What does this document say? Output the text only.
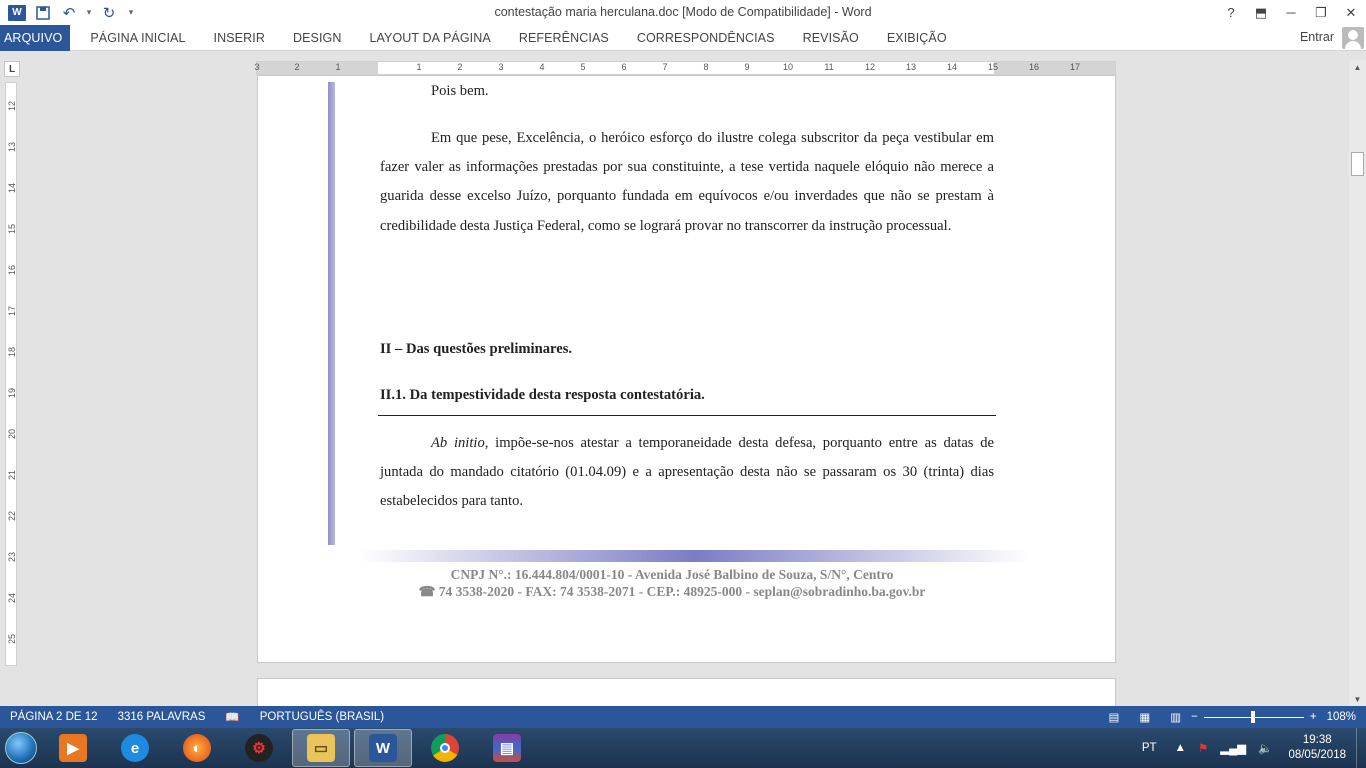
W	↶	▾ ↻	▾	contestação maria herculana.doc [Modo de Compatibilidade] - Word	?	⬒	─	❐	✕
ARQUIVO	PÁGINA INICIAL	INSERIR	DESIGN	LAYOUT DA PÁGINA	REFERÊNCIAS	CORRESPONDÊNCIAS	REVISÃO	EXIBIÇÃO	Entrar
L	3	2	1	1	2	3	4	5	6	7	8	9	10	11	12	13	14	15	16	17
12
13
14
15
16
17
18
19
20
21
22
23
24
25
Pois bem.
Em que pese, Excelência, o heróico esforço do ilustre colega subscritor da peça vestibular em fazer valer as informações prestadas por sua constituinte, a tese vertida naquele elóquio não merece a guarida desse excelso Juízo, porquanto fundada em equívocos e/ou inverdades que não se prestam à credibilidade desta Justiça Federal, como se logrará provar no transcorrer da instrução processual.
II – Das questões preliminares.
II.1. Da tempestividade desta resposta contestatória.
Ab initio, impõe-se-nos atestar a temporaneidade desta defesa, porquanto entre as datas de juntada do mandado citatório (01.04.09) e a apresentação desta não se passaram os 30 (trinta) dias estabelecidos para tanto.
CNPJ N°.: 16.444.804/0001-10 - Avenida José Balbino de Souza, S/N°, Centro
☎ 74 3538-2020 - FAX: 74 3538-2071 - CEP.: 48925-000 - seplan@sobradinho.ba.gov.br
▲
▼
PÁGINA 2 DE 12	3316 PALAVRAS	📖	PORTUGUÊS (BRASIL)	▤	▦	▥ −	+ 108%
▶	e	◐	⚙	▭	W	▤	PT	▲	⚑	▂▄▆	🔈
19:38
08/05/2018
